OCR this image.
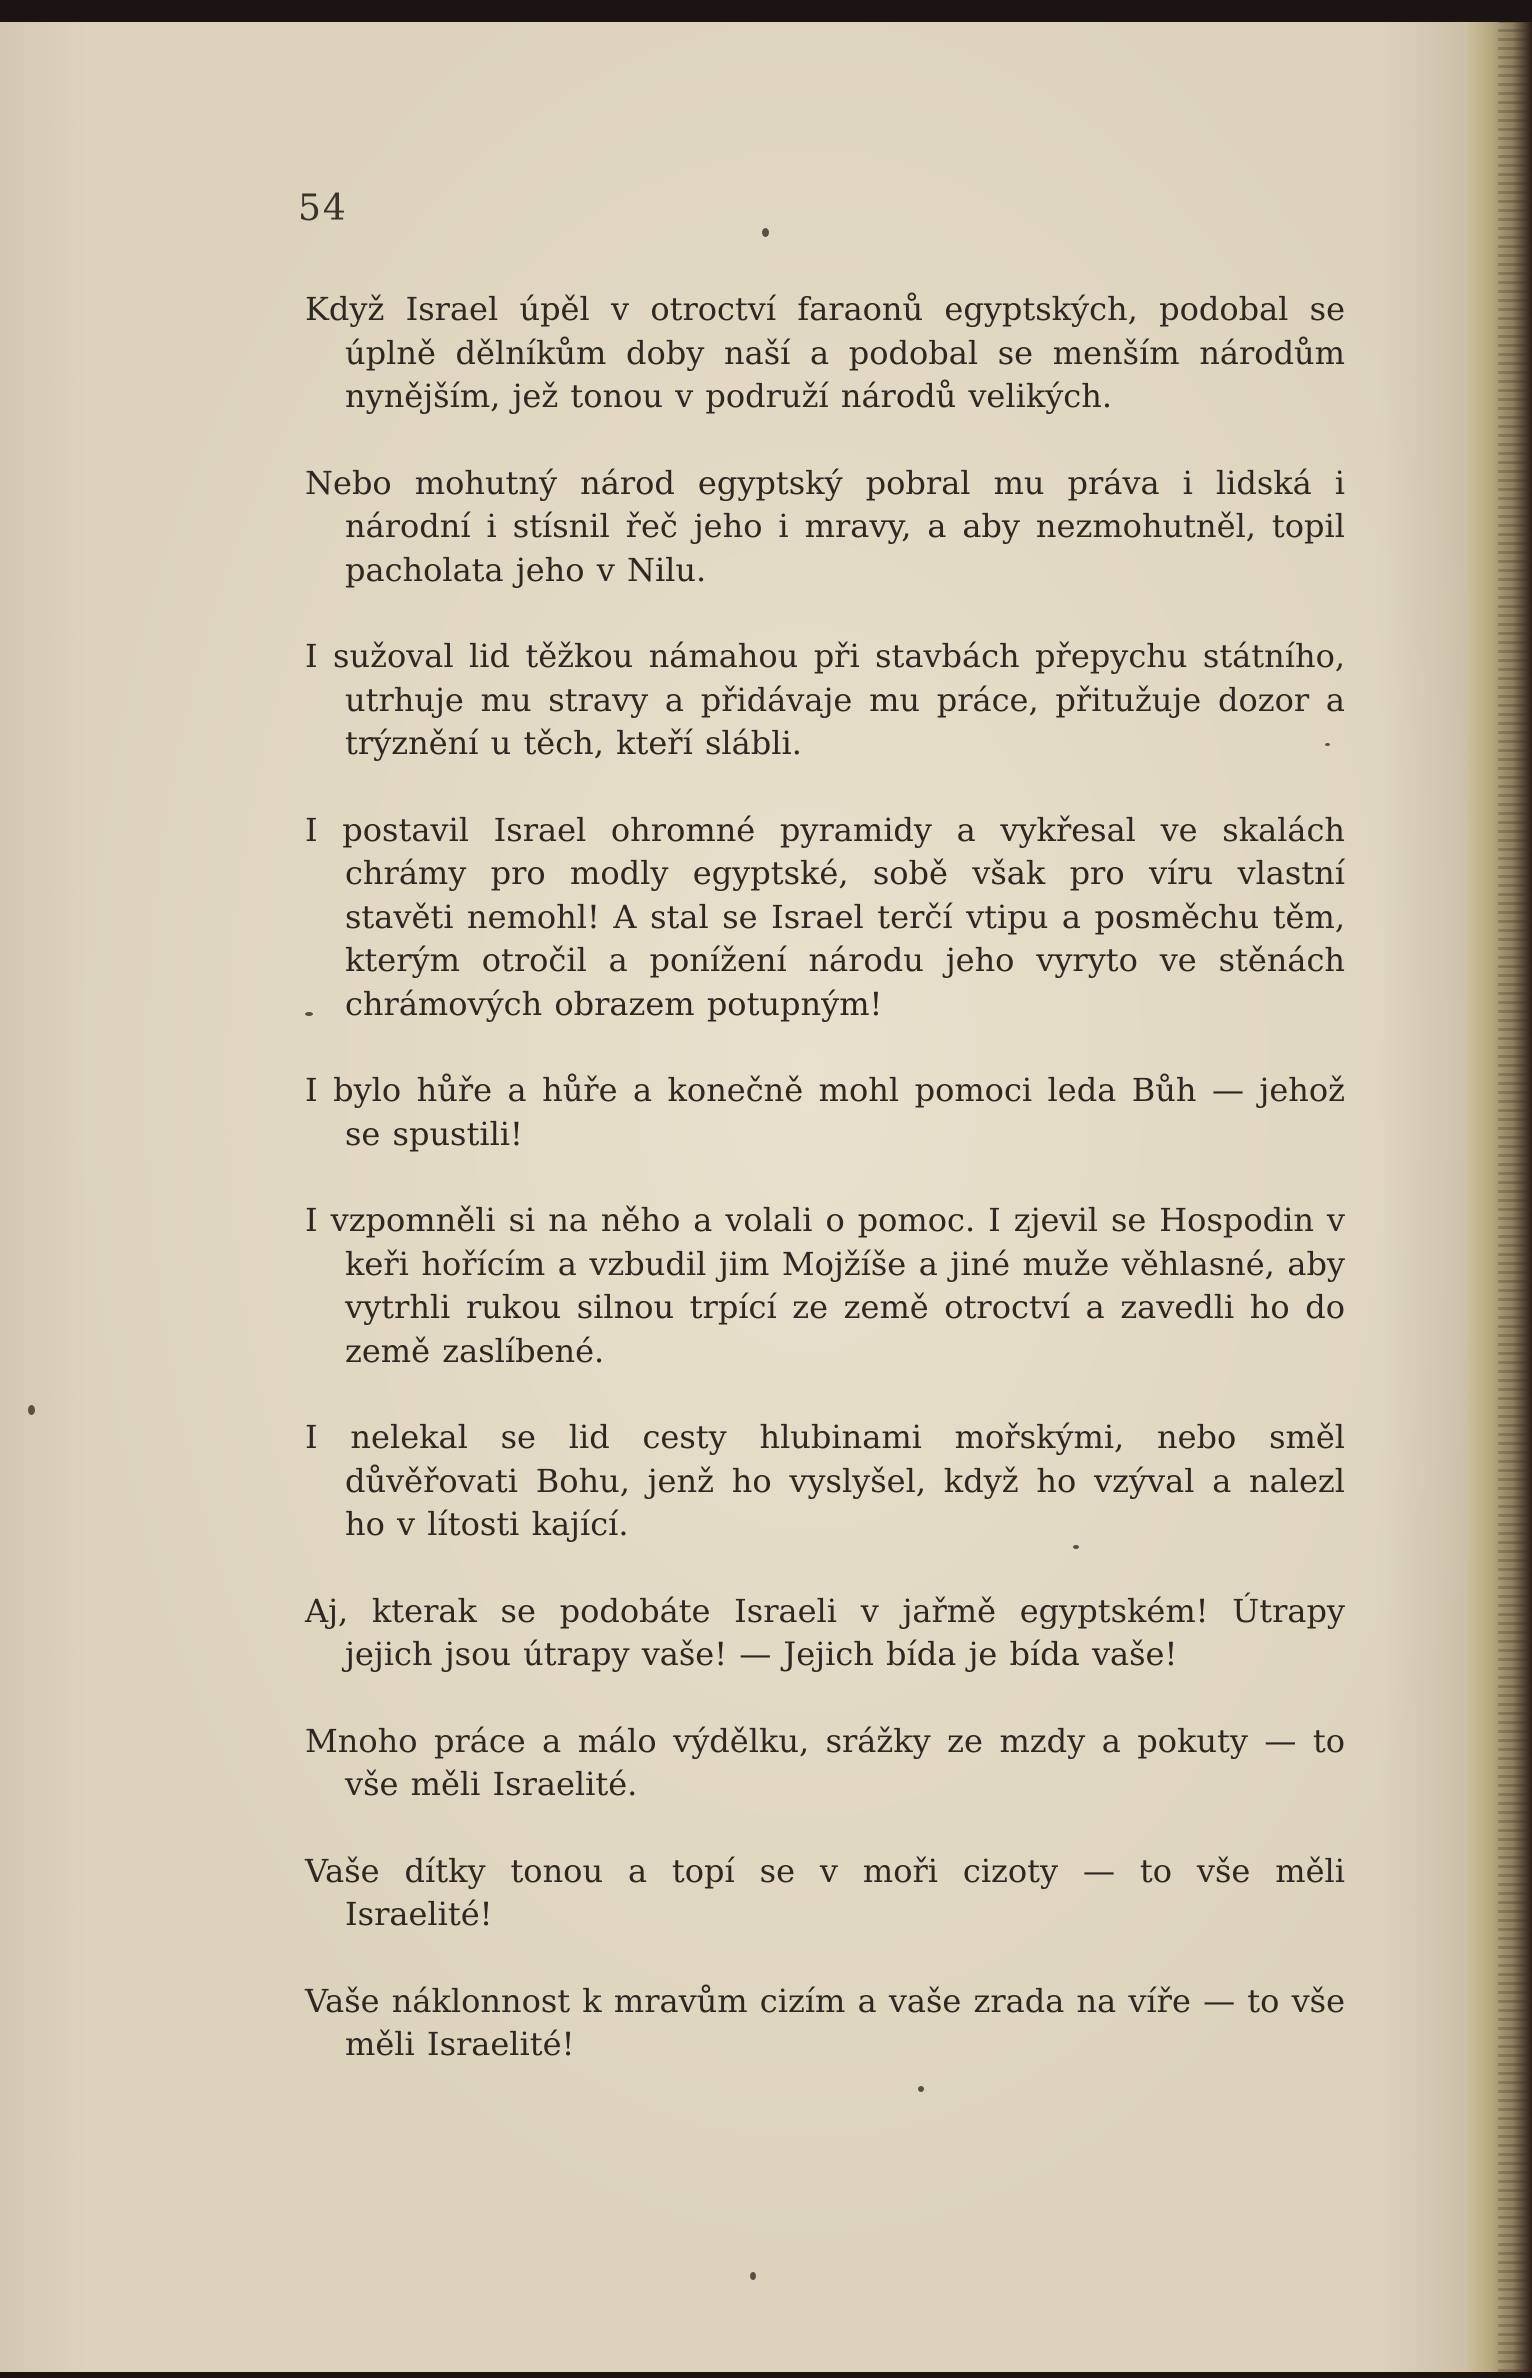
54

Když Israel úpěl v otroctví faraonů egyptských, podobal se úplně dělníkům doby naší a podobal se menším národům nynějším, jež tonou v podruží národů velikých.

Nebo mohutný národ egyptský pobral mu práva i lidská i národní i stísnil řeč jeho i mravy, a aby nezmohutněl, topil pacholata jeho v Nilu.

I sužoval lid těžkou námahou při stavbách přepychu státního, utrhuje mu stravy a přidávaje mu práce, přitužuje dozor a trýznění u těch, kteří slábli.

I postavil Israel ohromné pyramidy a vykřesal ve skalách chrámy pro modly egyptské, sobě však pro víru vlastní stavěti nemohl! A stal se Israel terčí vtipu a posměchu těm, kterým otročil a ponížení národu jeho vyryto ve stěnách chrámových obrazem potupným!

I bylo hůře a hůře a konečně mohl pomoci leda Bůh — jehož se spustili!

I vzpomněli si na něho a volali o pomoc. I zjevil se Hospodin v keři hořícím a vzbudil jim Mojžíše a jiné muže věhlasné, aby vytrhli rukou silnou trpící ze země otroctví a zavedli ho do země zaslíbené.

I nelekal se lid cesty hlubinami mořskými, nebo směl důvěřovati Bohu, jenž ho vyslyšel, když ho vzýval a nalezl ho v lítosti kající.

Aj, kterak se podobáte Israeli v jařmě egyptském! Útrapy jejich jsou útrapy vaše! — Jejich bída je bída vaše!

Mnoho práce a málo výdělku, srážky ze mzdy a pokuty — to vše měli Israelité.

Vaše dítky tonou a topí se v moři cizoty — to vše měli Israelité!

Vaše náklonnost k mravům cizím a vaše zrada na víře — to vše měli Israelité!
